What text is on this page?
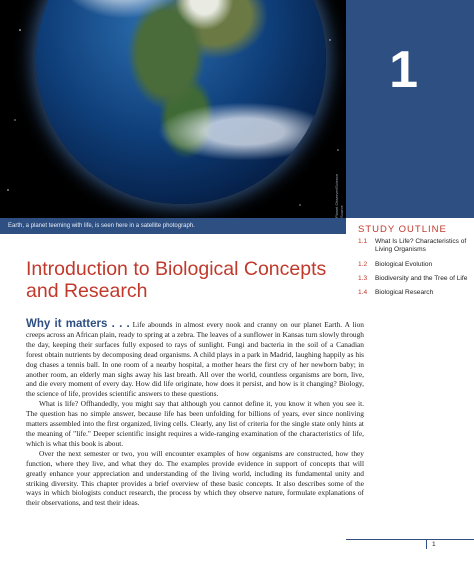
Planet Observer/Science Source
Earth, a planet teeming with life, is seen here in a satellite photograph.
1
STUDY OUTLINE
1.1	What Is Life? Characteristics of Living Organisms
1.2	Biological Evolution
1.3	Biodiversity and the Tree of Life
1.4	Biological Research
Introduction to Biological Concepts and Research

Why it matters . . . Life abounds in almost every nook and cranny on our planet Earth. A lion creeps across an African plain, ready to spring at a zebra. The leaves of a sunflower in Kansas turn slowly through the day, keeping their surfaces fully exposed to rays of sunlight. Fungi and bacteria in the soil of a Canadian forest obtain nutrients by decomposing dead organisms. A child plays in a park in Madrid, laughing happily as his dog chases a tennis ball. In one room of a nearby hospital, a mother hears the first cry of her newborn baby; in another room, an elderly man sighs away his last breath. All over the world, countless organisms are born, live, and die every moment of every day. How did life originate, how does it persist, and how is it changing? Biology, the science of life, provides scientific answers to these questions.

What is life? Offhandedly, you might say that although you cannot define it, you know it when you see it. The question has no simple answer, because life has been unfolding for billions of years, ever since nonliving matters assembled into the first organized, living cells. Clearly, any list of criteria for the single state only hints at the meaning of "life." Deeper scientific insight requires a wide-ranging examination of the characteristics of life, which is what this book is about.

Over the next semester or two, you will encounter examples of how organisms are constructed, how they function, where they live, and what they do. The examples provide evidence in support of concepts that will greatly enhance your appreciation and understanding of the living world, including its fundamental unity and striking diversity. This chapter provides a brief overview of these basic concepts. It also describes some of the ways in which biologists conduct research, the process by which they observe nature, formulate explanations of their observations, and test their ideas.

1
